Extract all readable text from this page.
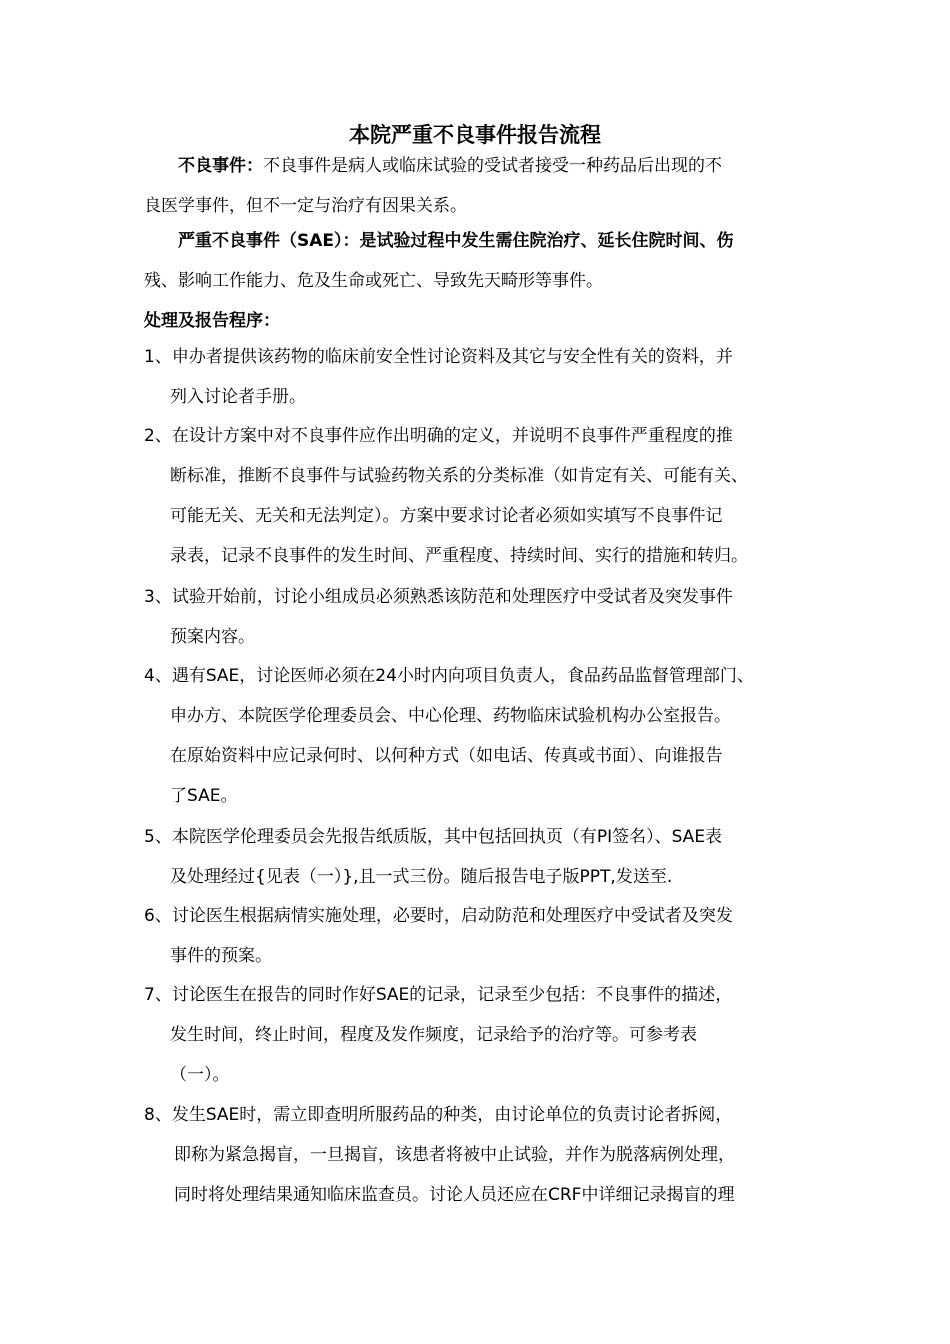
本院严重不良事件报告流程
不良事件：不良事件是病人或临床试验的受试者接受一种药品后出现的不
良医学事件，但不一定与治疗有因果关系。
严重不良事件（SAE）：是试验过程中发生需住院治疗、延长住院时间、伤
残、影响工作能力、危及生命或死亡、导致先天畸形等事件。
处理及报告程序：
1、申办者提供该药物的临床前安全性讨论资料及其它与安全性有关的资料，并
列入讨论者手册。
2、在设计方案中对不良事件应作出明确的定义，并说明不良事件严重程度的推
断标准，推断不良事件与试验药物关系的分类标准（如肯定有关、可能有关、
可能无关、无关和无法判定）。方案中要求讨论者必须如实填写不良事件记
录表，记录不良事件的发生时间、严重程度、持续时间、实行的措施和转归。
3、试验开始前，讨论小组成员必须熟悉该防范和处理医疗中受试者及突发事件
预案内容。
4、遇有SAE，讨论医师必须在24小时内向项目负责人，食品药品监督管理部门、
申办方、本院医学伦理委员会、中心伦理、药物临床试验机构办公室报告。
在原始资料中应记录何时、以何种方式（如电话、传真或书面）、向谁报告
了SAE。
5、本院医学伦理委员会先报告纸质版，其中包括回执页（有PI签名）、SAE表
及处理经过{见表（一）},且一式三份。随后报告电子版PPT,发送至.
6、讨论医生根据病情实施处理，必要时，启动防范和处理医疗中受试者及突发
事件的预案。
7、讨论医生在报告的同时作好SAE的记录，记录至少包括：不良事件的描述，
发生时间，终止时间，程度及发作频度，记录给予的治疗等。可参考表
（一）。
8、发生SAE时，需立即查明所服药品的种类，由讨论单位的负责讨论者拆阅，
即称为紧急揭盲，一旦揭盲，该患者将被中止试验，并作为脱落病例处理，
同时将处理结果通知临床监查员。讨论人员还应在CRF中详细记录揭盲的理
